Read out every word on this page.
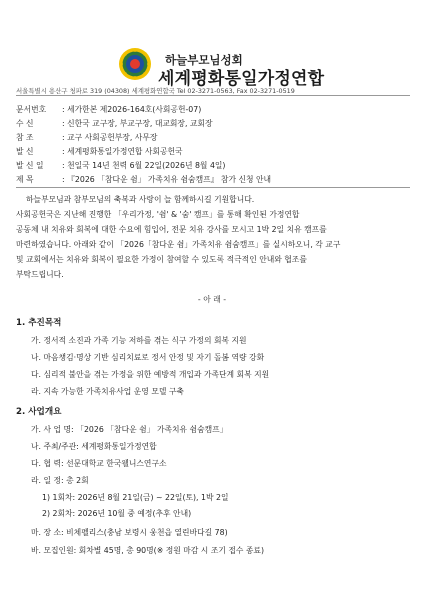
하늘부모님성회
세계평화통일가정연합
서울특별시 용산구 청파로 319 (04308) 세계평화연합국 Tel 02-3271-0563, Fax 02-3271-0519
문서번호 : 세가한본 제2026-164호(사회공헌-07)
수 신	: 신한국 교구장, 부교구장, 대교회장, 교회장
참 조	: 교구 사회공헌부장, 사무장
발 신	: 세계평화통일가정연합 사회공헌국
발 신 일 : 천일국 14년 천력 6월 22일(2026년 8월 4일)
제 목	: 『2026 「참다운 쉼」 가족치유 쉼숨캠프』 참가 신청 안내
하늘부모님과 참부모님의 축복과 사랑이 늘 함께하시길 기원합니다.
사회공헌국은 지난해 진행한 「우리가정, '쉼' & '숨' 캠프」를 통해 확인된 가정연합
공동체 내 치유와 회복에 대한 수요에 힘입어, 전문 치유 강사를 모시고 1박 2일 치유 캠프를
마련하였습니다. 아래와 같이 「2026「참다운 쉼」가족치유 쉼숨캠프」를 실시하오니, 각 교구
및 교회에서는 치유와 회복이 필요한 가정이 참여할 수 있도록 적극적인 안내와 협조를
부탁드립니다.
- 아 래 -
1. 추진목적
가. 정서적 소진과 가족 기능 저하를 겪는 식구 가정의 회복 지원
나. 마음챙김·명상 기반 심리치료로 정서 안정 및 자기 돌봄 역량 강화
다. 심리적 불안을 겪는 가정을 위한 예방적 개입과 가족단계 회복 지원
라. 지속 가능한 가족치유사업 운영 모델 구축
2. 사업개요
가. 사 업 명: 「2026 「참다운 쉼」 가족치유 쉼숨캠프」
나. 주최/주관: 세계평화통일가정연합
다. 협 력: 선문대학교 한국웰니스연구소
라. 일 정: 총 2회
1) 1회차: 2026년 8월 21일(금) ~ 22일(토), 1박 2일
2) 2회차: 2026년 10월 중 예정(추후 안내)
마. 장 소: 비체펠리스(충남 보령시 웅천읍 열린바다길 78)
바. 모집인원: 회차별 45명, 총 90명(※ 정원 마감 시 조기 접수 종료)
